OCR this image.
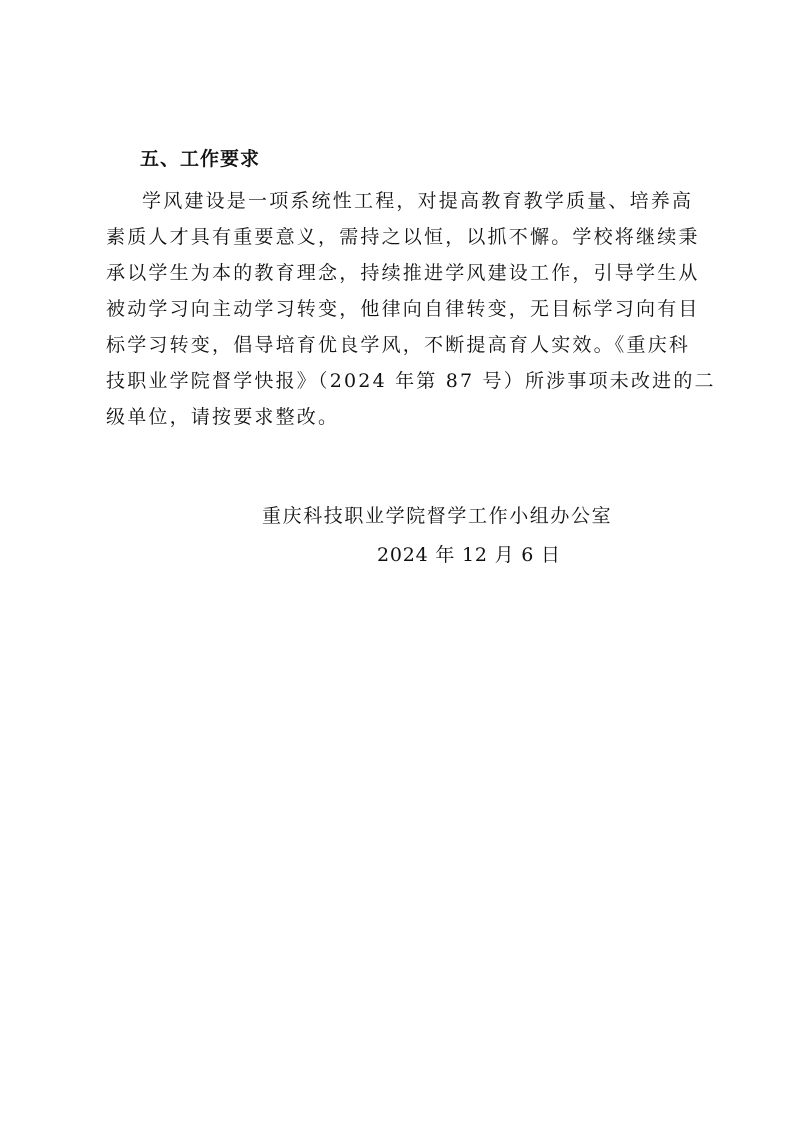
五、工作要求
学风建设是一项系统性工程，对提高教育教学质量、培养高
素质人才具有重要意义，需持之以恒，以抓不懈。学校将继续秉
承以学生为本的教育理念，持续推进学风建设工作，引导学生从
被动学习向主动学习转变，他律向自律转变，无目标学习向有目
标学习转变，倡导培育优良学风，不断提高育人实效。《重庆科
技职业学院督学快报》（2024 年第 87 号）所涉事项未改进的二
级单位，请按要求整改。
重庆科技职业学院督学工作小组办公室
2024 年 12 月 6 日
